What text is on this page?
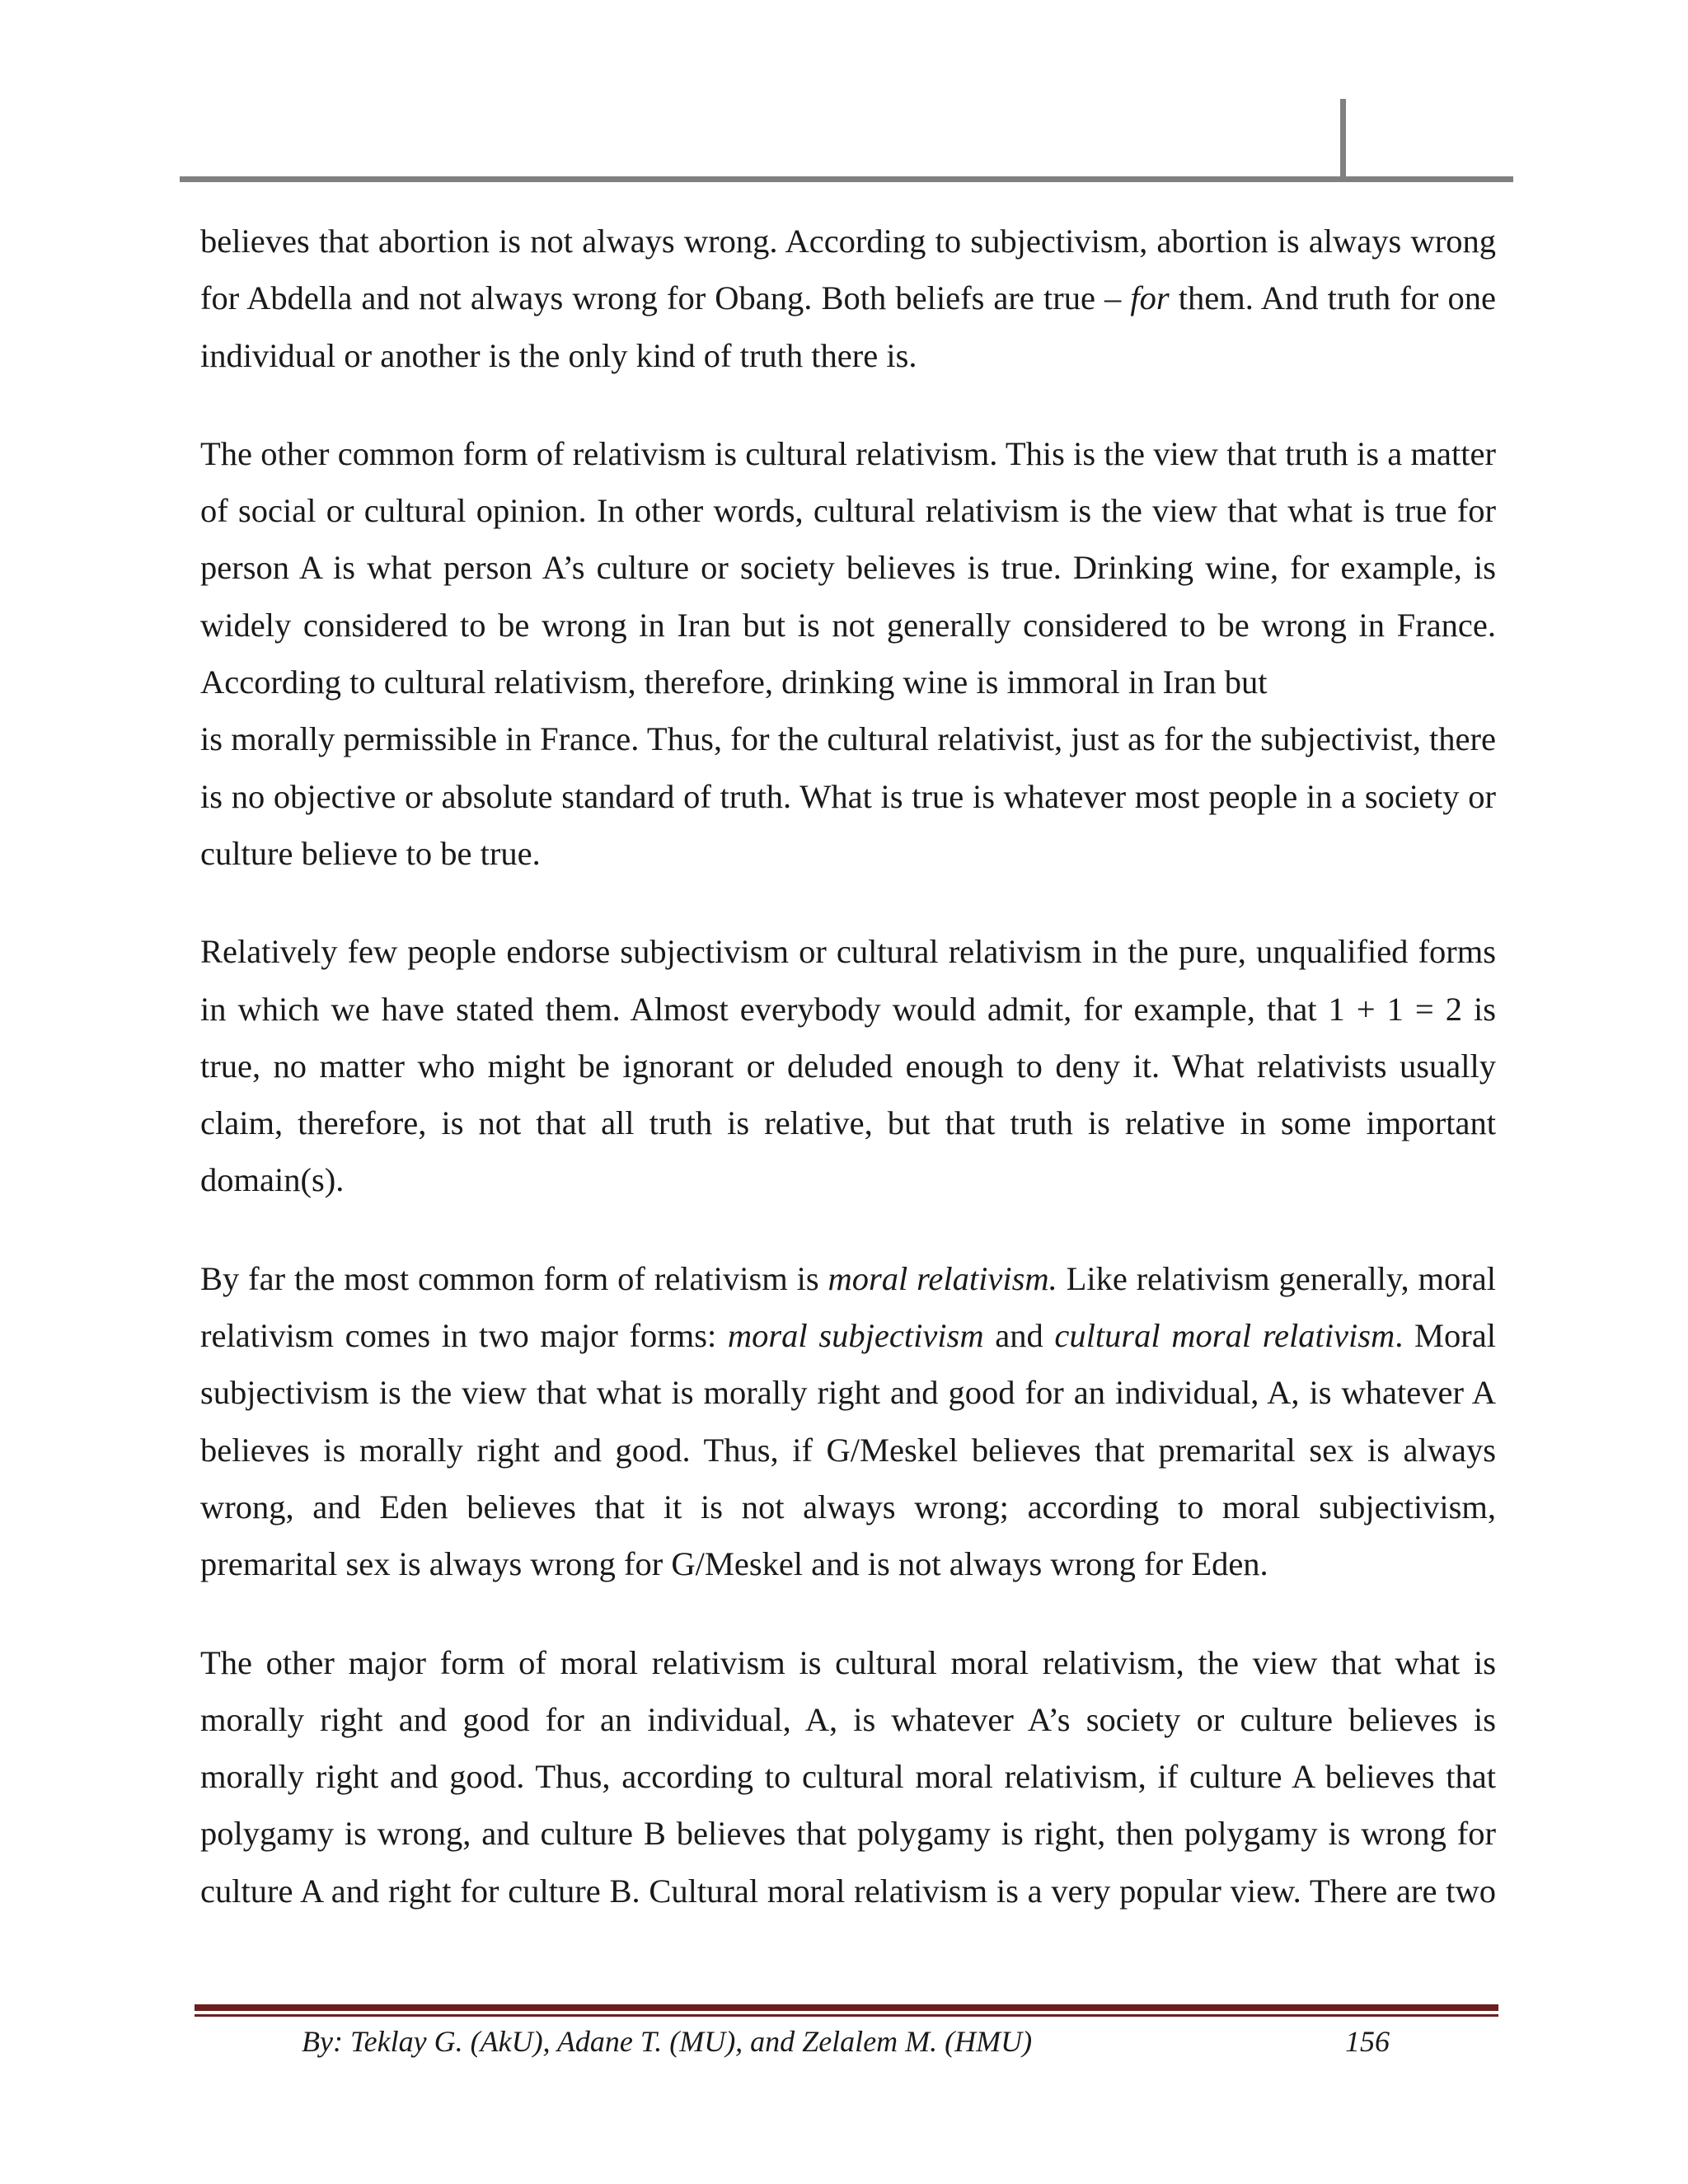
believes that abortion is not always wrong. According to subjectivism, abortion is always wrong
for Abdella and not always wrong for Obang. Both beliefs are true – for them. And truth for one
individual or another is the only kind of truth there is.
The other common form of relativism is cultural relativism. This is the view that truth is a matter
of social or cultural opinion. In other words, cultural relativism is the view that what is true for
person A is what person A’s culture or society believes is true. Drinking wine, for example, is
widely considered to be wrong in Iran but is not generally considered to be wrong in France.
According to cultural relativism, therefore, drinking wine is immoral in Iran but
is morally permissible in France. Thus, for the cultural relativist, just as for the subjectivist, there
is no objective or absolute standard of truth. What is true is whatever most people in a society or
culture believe to be true.
Relatively few people endorse subjectivism or cultural relativism in the pure, unqualified forms
in which we have stated them. Almost everybody would admit, for example, that 1 + 1 = 2 is
true, no matter who might be ignorant or deluded enough to deny it. What relativists usually
claim, therefore, is not that all truth is relative, but that truth is relative in some important
domain(s).
By far the most common form of relativism is moral relativism. Like relativism generally, moral
relativism comes in two major forms: moral subjectivism and cultural moral relativism. Moral
subjectivism is the view that what is morally right and good for an individual, A, is whatever A
believes is morally right and good. Thus, if G/Meskel believes that premarital sex is always
wrong, and Eden believes that it is not always wrong; according to moral subjectivism,
premarital sex is always wrong for G/Meskel and is not always wrong for Eden.
The other major form of moral relativism is cultural moral relativism, the view that what is
morally right and good for an individual, A, is whatever A’s society or culture believes is
morally right and good. Thus, according to cultural moral relativism, if culture A believes that
polygamy is wrong, and culture B believes that polygamy is right, then polygamy is wrong for
culture A and right for culture B. Cultural moral relativism is a very popular view. There are two
By: Teklay G. (AkU), Adane T. (MU), and Zelalem M. (HMU)	156
